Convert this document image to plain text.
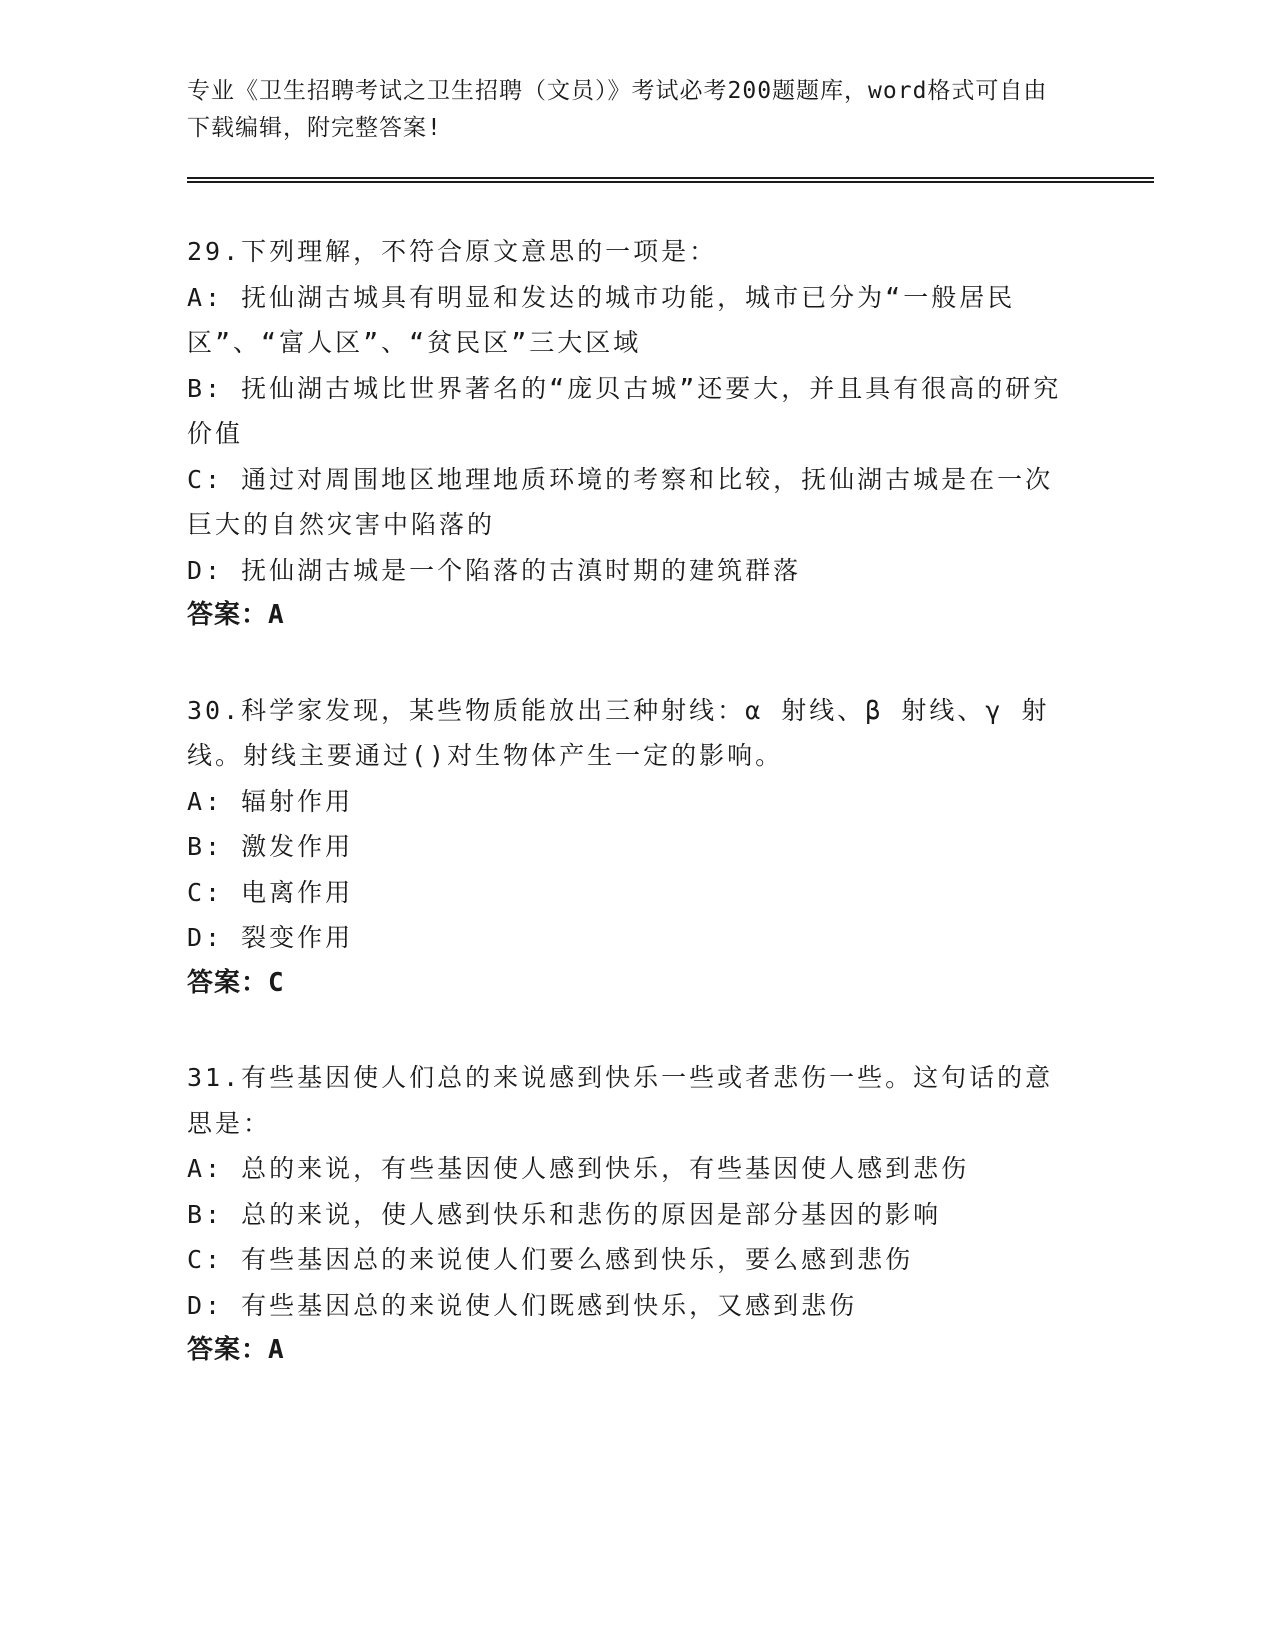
专业《卫生招聘考试之卫生招聘（文员）》考试必考200题题库，word格式可自由下载编辑，附完整答案!
29.下列理解，不符合原文意思的一项是：
A: 抚仙湖古城具有明显和发达的城市功能，城市已分为“一般居民区”、“富人区”、“贫民区”三大区域
B: 抚仙湖古城比世界著名的“庞贝古城”还要大，并且具有很高的研究价值
C: 通过对周围地区地理地质环境的考察和比较，抚仙湖古城是在一次巨大的自然灾害中陷落的
D: 抚仙湖古城是一个陷落的古滇时期的建筑群落
答案：A
30.科学家发现，某些物质能放出三种射线：α 射线、β 射线、γ 射线。射线主要通过()对生物体产生一定的影响。
A: 辐射作用
B: 激发作用
C: 电离作用
D: 裂变作用
答案：C
31.有些基因使人们总的来说感到快乐一些或者悲伤一些。这句话的意思是：
A: 总的来说，有些基因使人感到快乐，有些基因使人感到悲伤
B: 总的来说，使人感到快乐和悲伤的原因是部分基因的影响
C: 有些基因总的来说使人们要么感到快乐，要么感到悲伤
D: 有些基因总的来说使人们既感到快乐，又感到悲伤
答案：A
